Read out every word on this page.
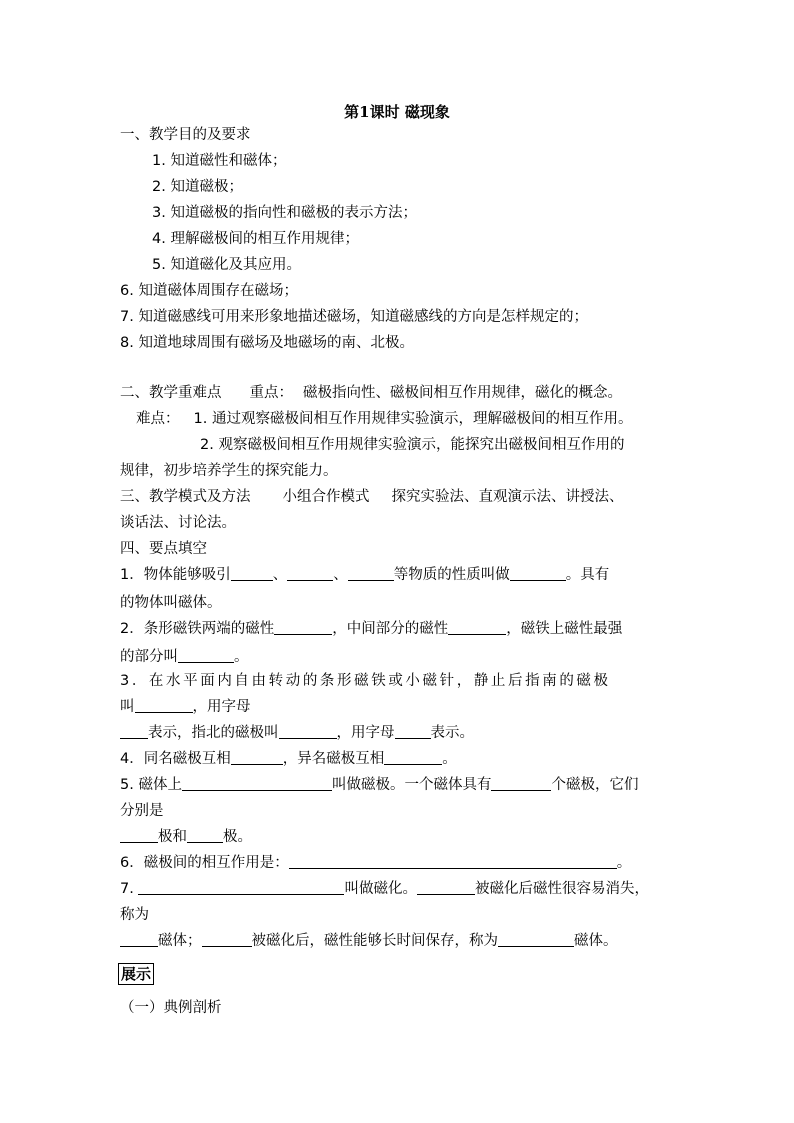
第1课时 磁现象
一、教学目的及要求
1. 知道磁性和磁体；
2. 知道磁极；
3. 知道磁极的指向性和磁极的表示方法；
4. 理解磁极间的相互作用规律；
5. 知道磁化及其应用。
6. 知道磁体周围存在磁场；
7. 知道磁感线可用来形象地描述磁场，知道磁感线的方向是怎样规定的；
8. 知道地球周围有磁场及地磁场的南、北极。
二、教学重难点 重点： 磁极指向性、磁极间相互作用规律，磁化的概念。
难点： 1. 通过观察磁极间相互作用规律实验演示，理解磁极间的相互作用。
2. 观察磁极间相互作用规律实验演示，能探究出磁极间相互作用的
规律，初步培养学生的探究能力。
三、教学模式及方法 小组合作模式 探究实验法、直观演示法、讲授法、
谈话法、讨论法。
四、要点填空
1．物体能够吸引	、	、	等物质的性质叫做	。具有
的物体叫磁体。
2．条形磁铁两端的磁性	，中间部分的磁性	，磁铁上磁性最强
的部分叫	。
3．在水平面内自由转动的条形磁铁或小磁针，静止后指南的磁极
叫	，用字母
表示，指北的磁极叫	，用字母 表示。
4．同名磁极互相	，异名磁极互相	。
5. 磁体上	叫做磁极。一个磁体具有	个磁极，它们
分别是
极和 极。
6．磁极间的相互作用是：	。
7.	叫做磁化。	被磁化后磁性很容易消失，
称为
磁体；	被磁化后，磁性能够长时间保存，称为	磁体。
展示
（一）典例剖析
